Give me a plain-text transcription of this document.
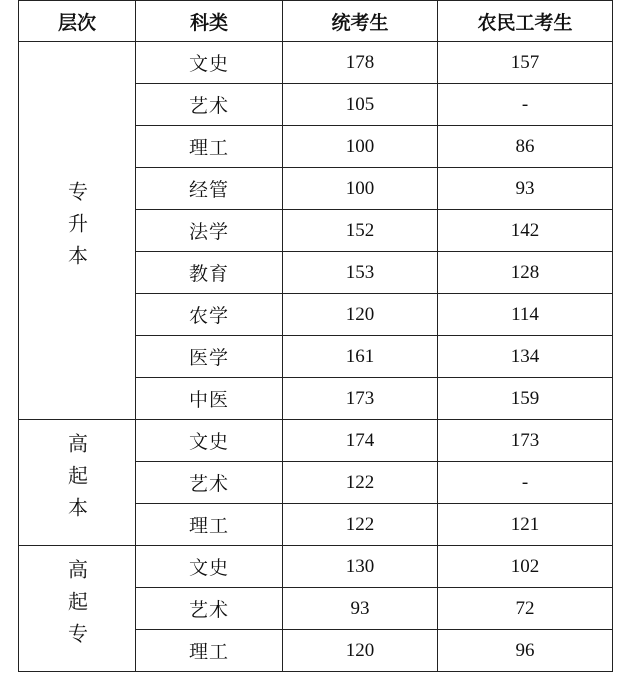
层次	科类	统考生	农民工考生
专升本	文史	178	157
	艺术	105	-
	理工	100	86
	经管	100	93
	法学	152	142
	教育	153	128
	农学	120	114
	医学	161	134
	中医	173	159
高起本	文史	174	173
	艺术	122	-
	理工	122	121
高起专	文史	130	102
	艺术	93	72
	理工	120	96
